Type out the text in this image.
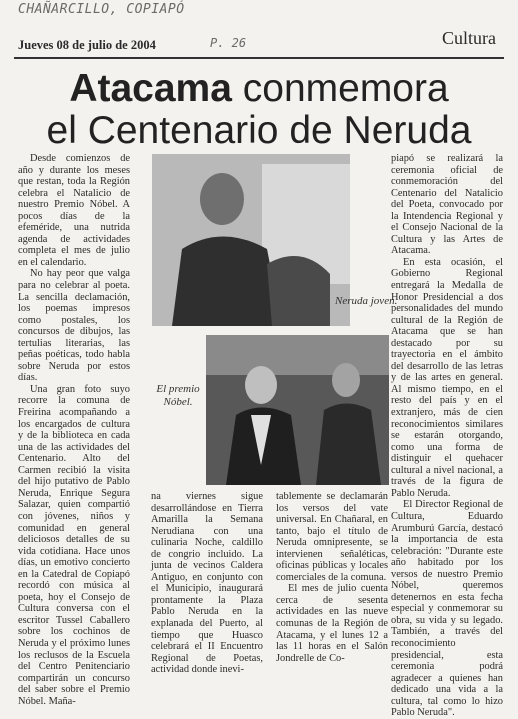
CHAÑARCILLO, COPIAPÓ
P. 26
Jueves 08 de julio de 2004	Cultura
Atacama conmemora
el Centenario de Neruda

Desde comienzos de año y durante los meses que restan, toda la Región celebra el Natalicio de nuestro Premio Nóbel. A pocos días de la efeméride, una nutrida agenda de actividades completa el mes de julio en el calendario.

No hay peor que valga para no celebrar al poeta. La sencilla declamación, los poemas impresos como postales, los concursos de dibujos, las tertulias literarias, las peñas poéticas, todo habla sobre Neruda por estos días.

Una gran foto suyo recorre la comuna de Freirina acompañando a los encargados de cultura y de la biblioteca en cada una de las actividades del Centenario. Alto del Carmen recibió la visita del hijo putativo de Pablo Neruda, Enrique Segura Salazar, quien compartió con jóvenes, niños y comunidad en general deliciosos detalles de su vida cotidiana. Hace unos días, un emotivo concierto en la Catedral de Copiapó recordó con música al poeta, hoy el Consejo de Cultura conversa con el escritor Tussel Caballero sobre los cochinos de Neruda y el próximo lunes los reclusos de la Escuela del Centro Penitenciario compartirán un concurso del saber sobre el Premio Nóbel. Maña-

Neruda joven.
El premio Nóbel.

na viernes sigue desarrollándose en Tierra Amarilla la Semana Nerudiana con una culinaria Noche, caldillo de congrio incluido. La junta de vecinos Caldera Antiguo, en conjunto con el Municipio, inaugurará prontamente la Plaza Pablo Neruda en la explanada del Puerto, al tiempo que Huasco celebrará el II Encuentro Regional de Poetas, actividad donde inevi-

tablemente se declamarán los versos del vate universal. En Chañaral, en tanto, bajo el título de Neruda omnipresente, se intervienen señaléticas, oficinas públicas y locales comerciales de la comuna.

El mes de julio cuenta cerca de sesenta actividades en las nueve comunas de la Región de Atacama, y el lunes 12 a las 11 horas en el Salón Jondrelle de Co-

piapó se realizará la ceremonia oficial de conmemoración del Centenario del Natalicio del Poeta, convocado por la Intendencia Regional y el Consejo Nacional de la Cultura y las Artes de Atacama.

En esta ocasión, el Gobierno Regional entregará la Medalla de Honor Presidencial a dos personalidades del mundo cultural de la Región de Atacama que se han destacado por su trayectoria en el ámbito del desarrollo de las letras y de las artes en general. Al mismo tiempo, en el resto del país y en el extranjero, más de cien reconocimientos similares se estarán otorgando, como una forma de distinguir el quehacer cultural a nivel nacional, a través de la figura de Pablo Neruda.

El Director Regional de Cultura, Eduardo Arumburú García, destacó la importancia de esta celebración: "Durante este año habitado por los versos de nuestro Premio Nóbel, queremos detenernos en esta fecha especial y conmemorar su obra, su vida y su legado. También, a través del reconocimiento presidencial, esta ceremonia podrá agradecer a quienes han dedicado una vida a la cultura, tal como lo hizo Pablo Neruda".
